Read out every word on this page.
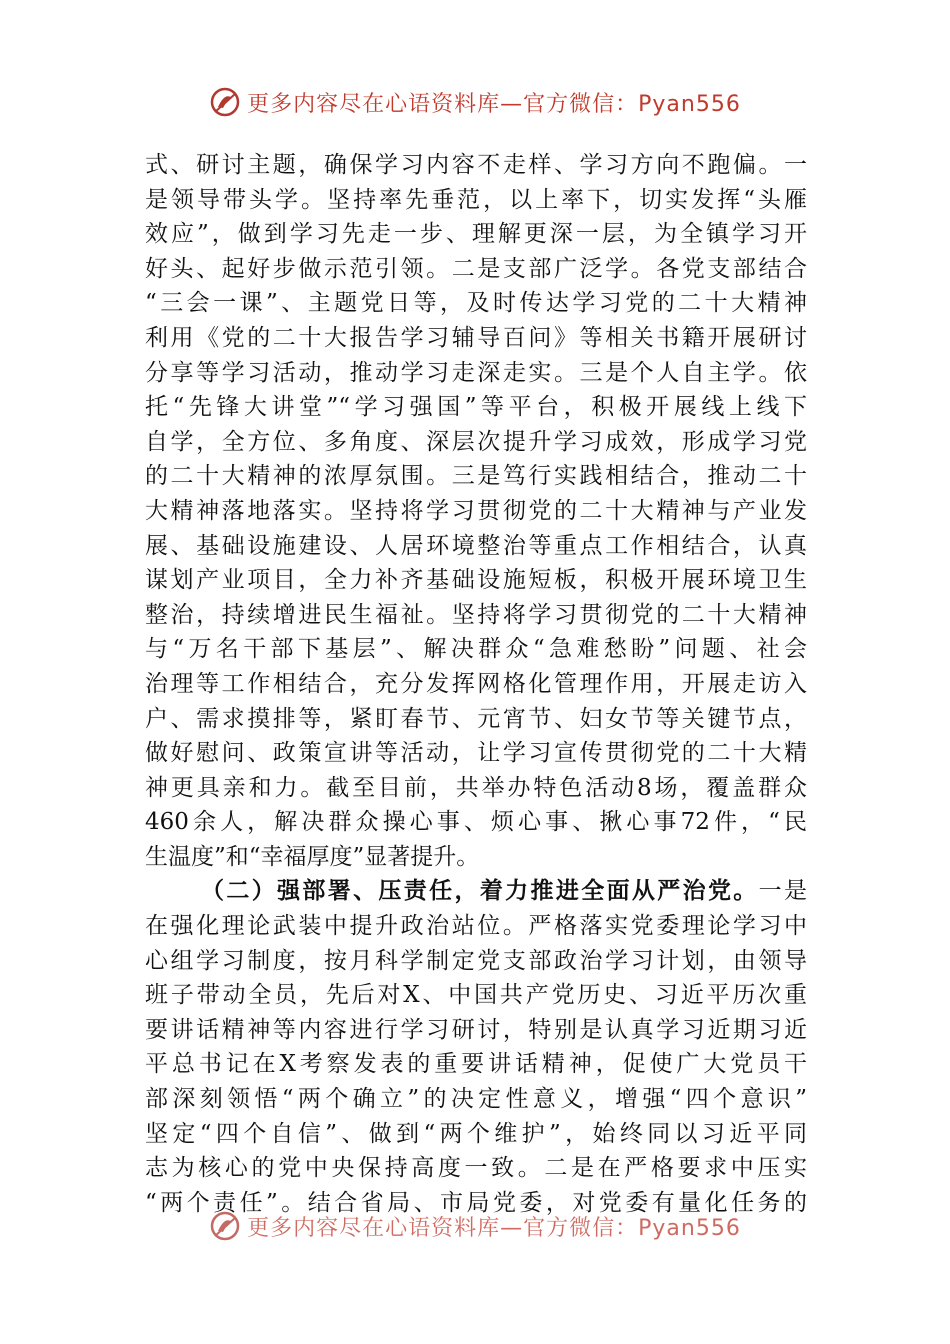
更多内容尽在心语资料库—官方微信：Pyan556
式、研讨主题，确保学习内容不走样、学习方向不跑偏。一
是领导带头学。坚持率先垂范，以上率下，切实发挥“头雁
效应”，做到学习先走一步、理解更深一层，为全镇学习开
好头、起好步做示范引领。二是支部广泛学。各党支部结合
“三会一课”、主题党日等，及时传达学习党的二十大精神
利用《党的二十大报告学习辅导百问》等相关书籍开展研讨
分享等学习活动，推动学习走深走实。三是个人自主学。依
托“先锋大讲堂”“学习强国”等平台，积极开展线上线下
自学，全方位、多角度、深层次提升学习成效，形成学习党
的二十大精神的浓厚氛围。三是笃行实践相结合，推动二十
大精神落地落实。坚持将学习贯彻党的二十大精神与产业发
展、基础设施建设、人居环境整治等重点工作相结合，认真
谋划产业项目，全力补齐基础设施短板，积极开展环境卫生
整治，持续增进民生福祉。坚持将学习贯彻党的二十大精神
与“万名干部下基层”、解决群众“急难愁盼”问题、社会
治理等工作相结合，充分发挥网格化管理作用，开展走访入
户、需求摸排等，紧盯春节、元宵节、妇女节等关键节点，
做好慰问、政策宣讲等活动，让学习宣传贯彻党的二十大精
神更具亲和力。截至目前，共举办特色活动8场，覆盖群众
460余人，解决群众操心事、烦心事、揪心事72件，“民
生温度”和“幸福厚度”显著提升。
（二）强部署、压责任，着力推进全面从严治党。一是
在强化理论武装中提升政治站位。严格落实党委理论学习中
心组学习制度，按月科学制定党支部政治学习计划，由领导
班子带动全员，先后对X、中国共产党历史、习近平历次重
要讲话精神等内容进行学习研讨，特别是认真学习近期习近
平总书记在X考察发表的重要讲话精神，促使广大党员干
部深刻领悟“两个确立”的决定性意义，增强“四个意识”
坚定“四个自信”、做到“两个维护”，始终同以习近平同
志为核心的党中央保持高度一致。二是在严格要求中压实
“两个责任”。结合省局、市局党委，对党委有量化任务的
更多内容尽在心语资料库—官方微信：Pyan556
